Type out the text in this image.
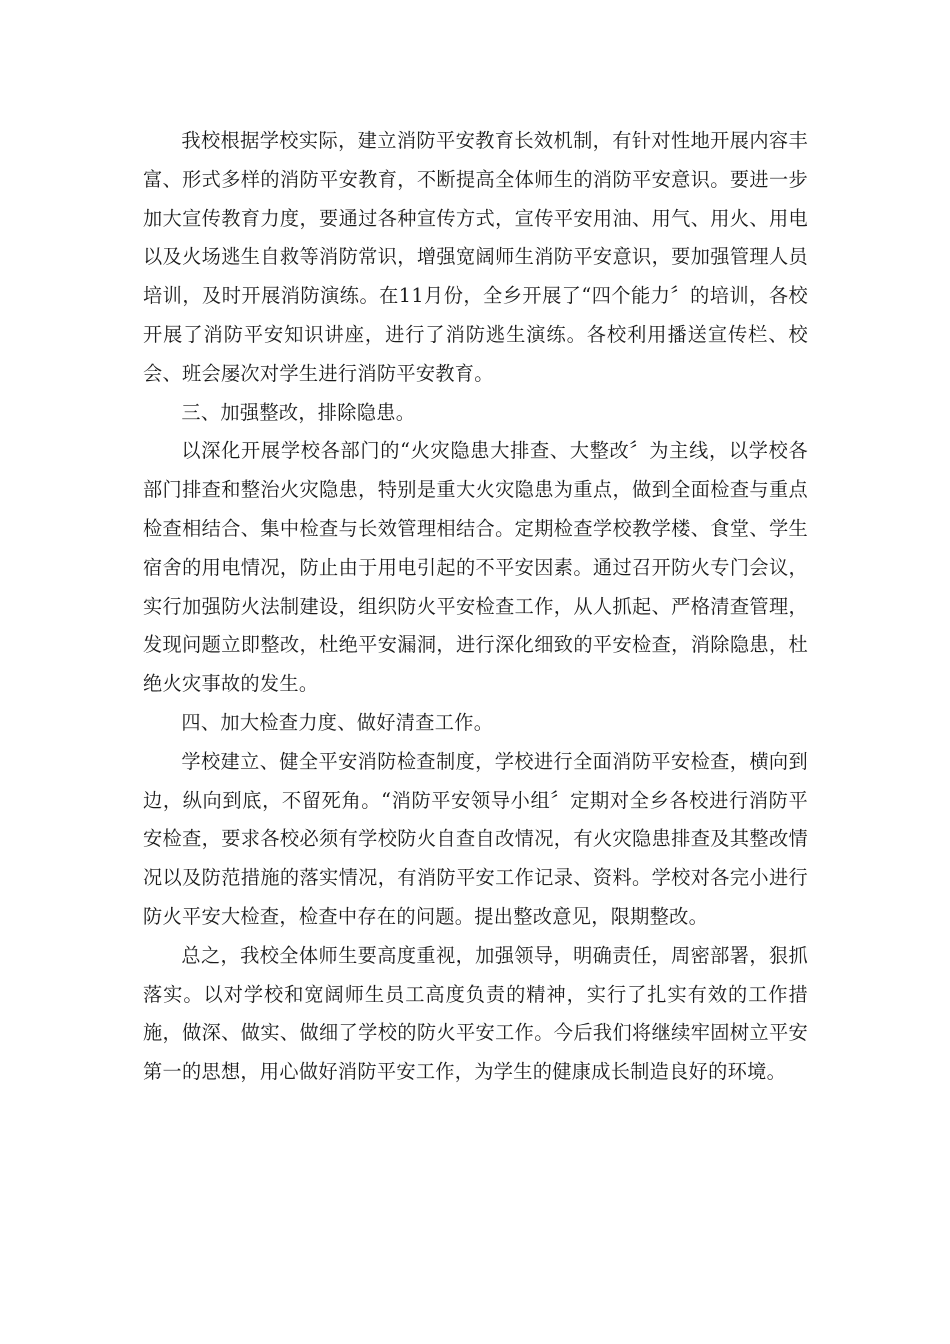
我校根据学校实际，建立消防平安教育长效机制，有针对性地开展内容丰富、形式多样的消防平安教育，不断提高全体师生的消防平安意识。要进一步加大宣传教育力度，要通过各种宣传方式，宣传平安用油、用气、用火、用电以及火场逃生自救等消防常识，增强宽阔师生消防平安意识，要加强管理人员培训，及时开展消防演练。在11月份，全乡开展了“四个能力〞的培训，各校开展了消防平安知识讲座，进行了消防逃生演练。各校利用播送宣传栏、校会、班会屡次对学生进行消防平安教育。

三、加强整改，排除隐患。

以深化开展学校各部门的“火灾隐患大排查、大整改〞为主线，以学校各部门排查和整治火灾隐患，特别是重大火灾隐患为重点，做到全面检查与重点检查相结合、集中检查与长效管理相结合。定期检查学校教学楼、食堂、学生宿舍的用电情况，防止由于用电引起的不平安因素。通过召开防火专门会议，实行加强防火法制建设，组织防火平安检查工作，从人抓起、严格清查管理，发现问题立即整改，杜绝平安漏洞，进行深化细致的平安检查，消除隐患，杜绝火灾事故的发生。

四、加大检查力度、做好清查工作。

学校建立、健全平安消防检查制度，学校进行全面消防平安检查，横向到边，纵向到底，不留死角。“消防平安领导小组〞定期对全乡各校进行消防平安检查，要求各校必须有学校防火自查自改情况，有火灾隐患排查及其整改情况以及防范措施的落实情况，有消防平安工作记录、资料。学校对各完小进行防火平安大检查，检查中存在的问题。提出整改意见，限期整改。

总之，我校全体师生要高度重视，加强领导，明确责任，周密部署，狠抓落实。以对学校和宽阔师生员工高度负责的精神，实行了扎实有效的工作措施，做深、做实、做细了学校的防火平安工作。今后我们将继续牢固树立平安第一的思想，用心做好消防平安工作，为学生的健康成长制造良好的环境。
